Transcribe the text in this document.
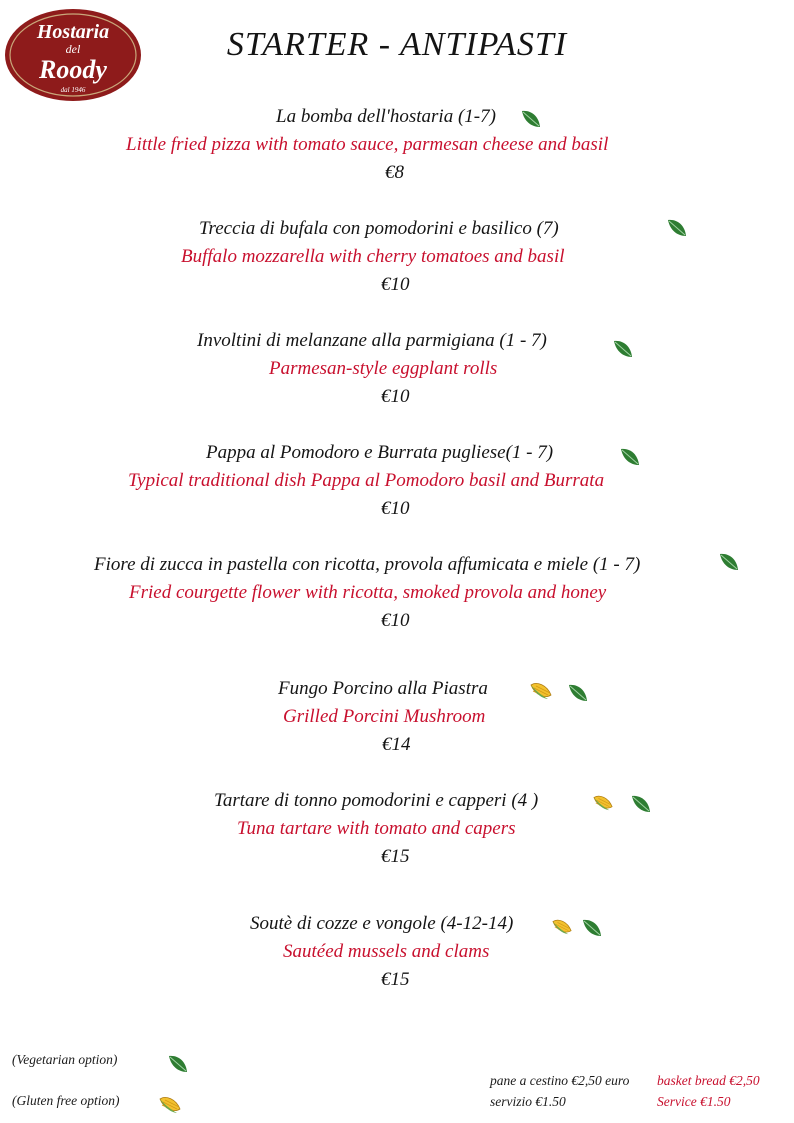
Hostaria
del
Roody
dal 1946
STARTER - ANTIPASTI
La bomba dell'hostaria (1-7)
Little fried pizza with tomato sauce, parmesan cheese and basil
€8
Treccia di bufala con pomodorini e basilico (7)
Buffalo mozzarella with cherry tomatoes and basil
€10
Involtini di melanzane alla parmigiana (1 - 7)
Parmesan-style eggplant rolls
€10
Pappa al Pomodoro e Burrata pugliese(1 - 7)
Typical traditional dish Pappa al Pomodoro basil and Burrata
€10
Fiore di zucca in pastella con ricotta, provola affumicata e miele (1 - 7)
Fried courgette flower with ricotta, smoked provola and honey
€10
Fungo Porcino alla Piastra
Grilled Porcini Mushroom
€14
Tartare di tonno pomodorini e capperi (4 )
Tuna tartare with tomato and capers
€15
Soutè di cozze e vongole (4-12-14)
Sautéed mussels and clams
€15
(Vegetarian option)
(Gluten free option)
pane a cestino €2,50 euro basket bread €2,50
servizio €1.50	Service €1.50
